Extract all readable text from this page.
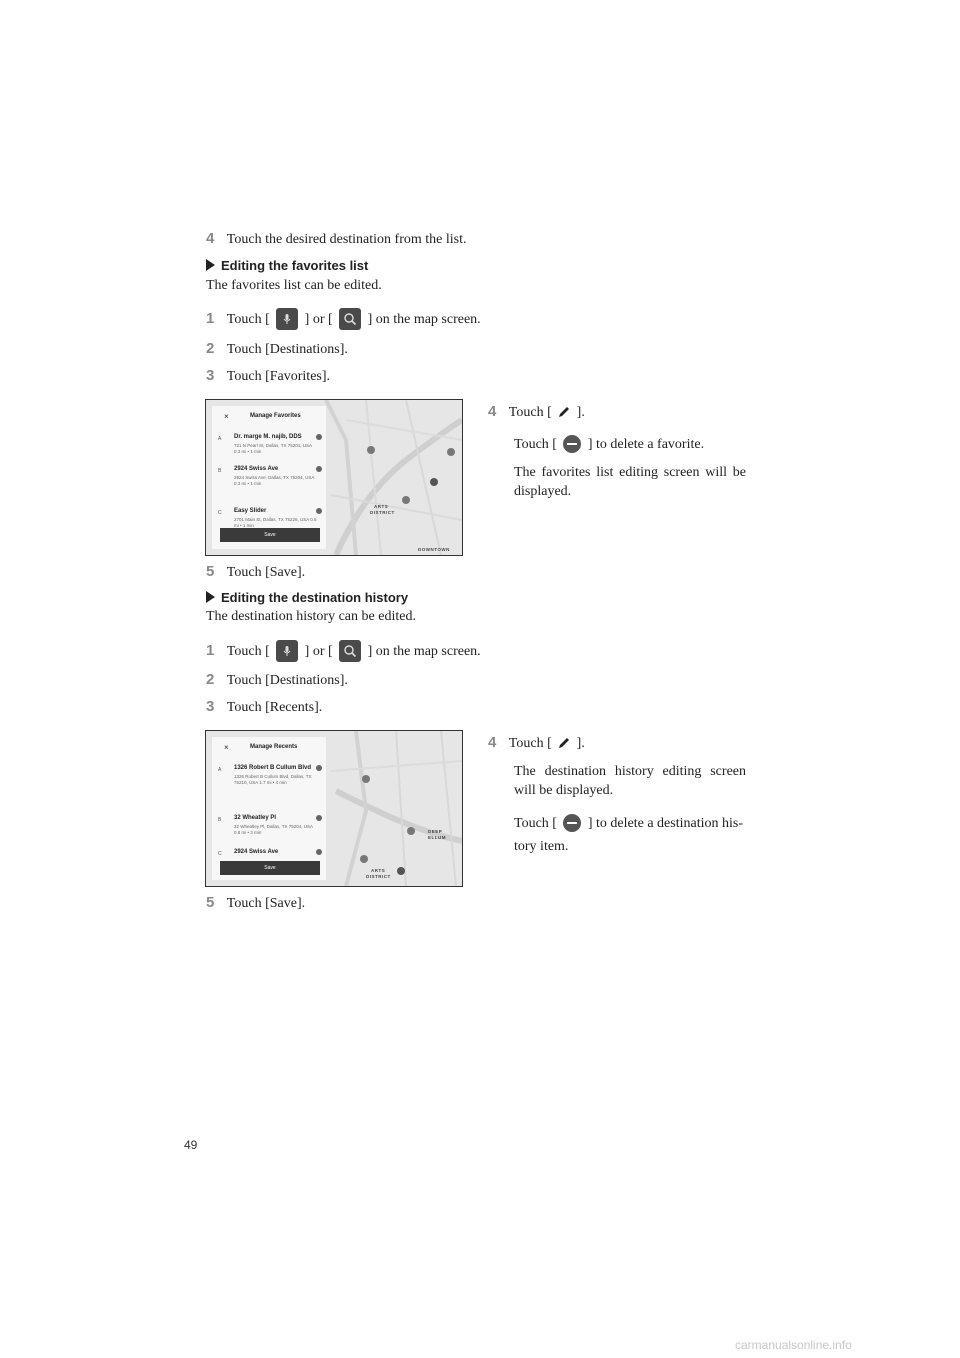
4 Touch the desired destination from the list.
Editing the favorites list
The favorites list can be edited.
1 Touch [ ] or [ ] on the map screen.
2 Touch [Destinations].
3 Touch [Favorites].
ARTS
DISTRICT
DOWNTOWN
×	Manage Favorites
A Dr. marge M. najib, DDS
721 N Pearl St, Dallas, TX 75201, USA 0.3 mi • 1 min
B 2924 Swiss Ave
2924 Swiss Ave, Dallas, TX 75204, USA 0.3 mi • 1 min
C Easy Slider
2701 Main St, Dallas, TX 75226, USA 0.6 mi • 1 min
Save
4 Touch [ ].
Touch [ ] to delete a favorite.
The favorites list editing screen will be displayed.
5 Touch [Save].
Editing the destination history
The destination history can be edited.
1 Touch [ ] or [ ] on the map screen.
2 Touch [Destinations].
3 Touch [Recents].
DEEP
ELLUM
ARTS
DISTRICT
×	Manage Recents
A 1326 Robert B Cullum Blvd
1326 Robert B Cullum Blvd, Dallas, TX 75210, USA 1.7 mi • 4 min
B 32 Wheatley Pl
32 Wheatley Pl, Dallas, TX 75204, USA 0.8 mi • 2 min
C 2924 Swiss Ave
Save
4 Touch [ ].
The destination history editing screen will be displayed.
Touch [ ] to delete a destination his-tory item.
5 Touch [Save].
49
carmanualsonline.info
